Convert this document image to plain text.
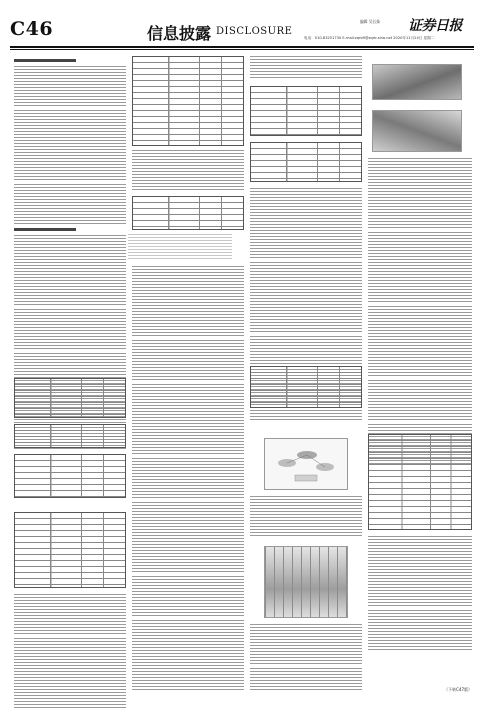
C46	信息披露 DISCLOSURE
编辑 吴长妹 证券日报
电话：010-83251730 E-mail:zqrb9@zqrb.sina.net 2020年11月24日 星期二
（下转C47版）
